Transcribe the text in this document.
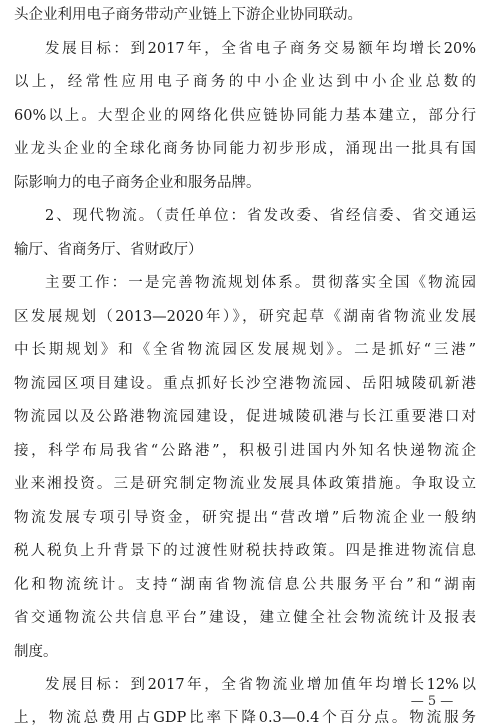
头企业利用电子商务带动产业链上下游企业协同联动。
发展目标：到2017年，全省电子商务交易额年均增长20%
以上，经常性应用电子商务的中小企业达到中小企业总数的
60%以上。大型企业的网络化供应链协同能力基本建立，部分行
业龙头企业的全球化商务协同能力初步形成，涌现出一批具有国
际影响力的电子商务企业和服务品牌。
2、现代物流。（责任单位：省发改委、省经信委、省交通运
输厅、省商务厅、省财政厅）
主要工作：一是完善物流规划体系。贯彻落实全国《物流园
区发展规划（2013—2020年）》，研究起草《湖南省物流业发展
中长期规划》和《全省物流园区发展规划》。二是抓好“三港”
物流园区项目建设。重点抓好长沙空港物流园、岳阳城陵矶新港
物流园以及公路港物流园建设，促进城陵矶港与长江重要港口对
接，科学布局我省“公路港”，积极引进国内外知名快递物流企
业来湘投资。三是研究制定物流业发展具体政策措施。争取设立
物流发展专项引导资金，研究提出“营改增”后物流企业一般纳
税人税负上升背景下的过渡性财税扶持政策。四是推进物流信息
化和物流统计。支持“湖南省物流信息公共服务平台”和“湖南
省交通物流公共信息平台”建设，建立健全社会物流统计及报表
制度。
发展目标：到2017年，全省物流业增加值年均增长12%以
上，物流总费用占GDP比率下降0.3—0.4个百分点。物流服务
— 5 —
